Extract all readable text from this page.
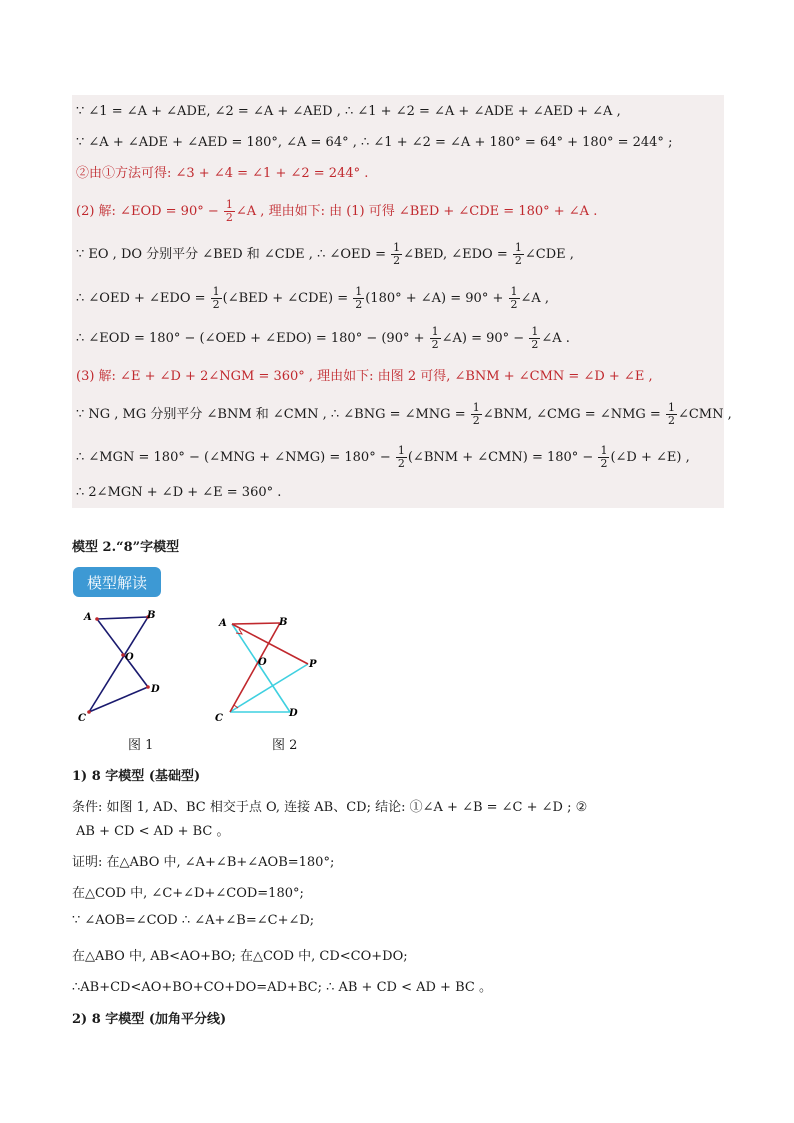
∵ ∠1 = ∠A + ∠ADE, ∠2 = ∠A + ∠AED , ∴ ∠1 + ∠2 = ∠A + ∠ADE + ∠AED + ∠A ,
∵ ∠A + ∠ADE + ∠AED = 180°, ∠A = 64° , ∴ ∠1 + ∠2 = ∠A + 180° = 64° + 180° = 244° ;
②由①方法可得: ∠3 + ∠4 = ∠1 + ∠2 = 244° .
(2) 解: ∠EOD = $90^\circ - \frac{1}{2}$ ∠A , 理由如下: 由 (1) 可得 ∠BED + ∠CDE = 180° + ∠A .
∵ EO , DO 分别平分 ∠BED 和 ∠CDE , ∴ ∠OED = $\frac{1}{2}$ ∠BED, ∠EDO = $\frac{1}{2}$ ∠CDE ,
∴ ∠OED + ∠EDO = $\frac{1}{2}$ (∠BED + ∠CDE) = $\frac{1}{2} (180^\circ$ + ∠A) = $90^\circ + \frac{1}{2}$ ∠A ,
∴ ∠EOD = 180° − (∠OED + ∠EDO) = $180^\circ - (90^\circ + \frac{1}{2}$ ∠A) = $90^\circ - \frac{1}{2}$ ∠A .
(3) 解: ∠E + ∠D + 2∠NGM = 360° , 理由如下: 由图 2 可得, ∠BNM + ∠CMN = ∠D + ∠E ,
∵ NG , MG 分别平分 ∠BNM 和 ∠CMN , ∴ ∠BNG = ∠MNG = $\frac{1}{2}$ ∠BNM, ∠CMG = ∠NMG = $\frac{1}{2}$ ∠CMN ,
∴ ∠MGN = 180° − (∠MNG + ∠NMG) = $180^\circ - \frac{1}{2}$ (∠BNM + ∠CMN) = $180^\circ - \frac{1}{2}$ (∠D + ∠E) ,
∴ 2∠MGN + ∠D + ∠E = 360° .
模型 2.“8”字模型
模型解读
A	B
O
D
C
图 1
A	B
O	P
C	D
图 2
1) 8 字模型 (基础型)
条件: 如图 1, AD、BC 相交于点 O, 连接 AB、CD; 结论: ①∠A + ∠B = ∠C + ∠D ; ②
AB + CD < AD + BC 。
证明: 在△ABO 中, ∠A+∠B+∠AOB=180°;
在△COD 中, ∠C+∠D+∠COD=180°;
∵ ∠AOB=∠COD ∴ ∠A+∠B=∠C+∠D;
在△ABO 中, AB<AO+BO; 在△COD 中, CD<CO+DO;
∴AB+CD<AO+BO+CO+DO=AD+BC; ∴ AB + CD < AD + BC 。
2) 8 字模型 (加角平分线)
